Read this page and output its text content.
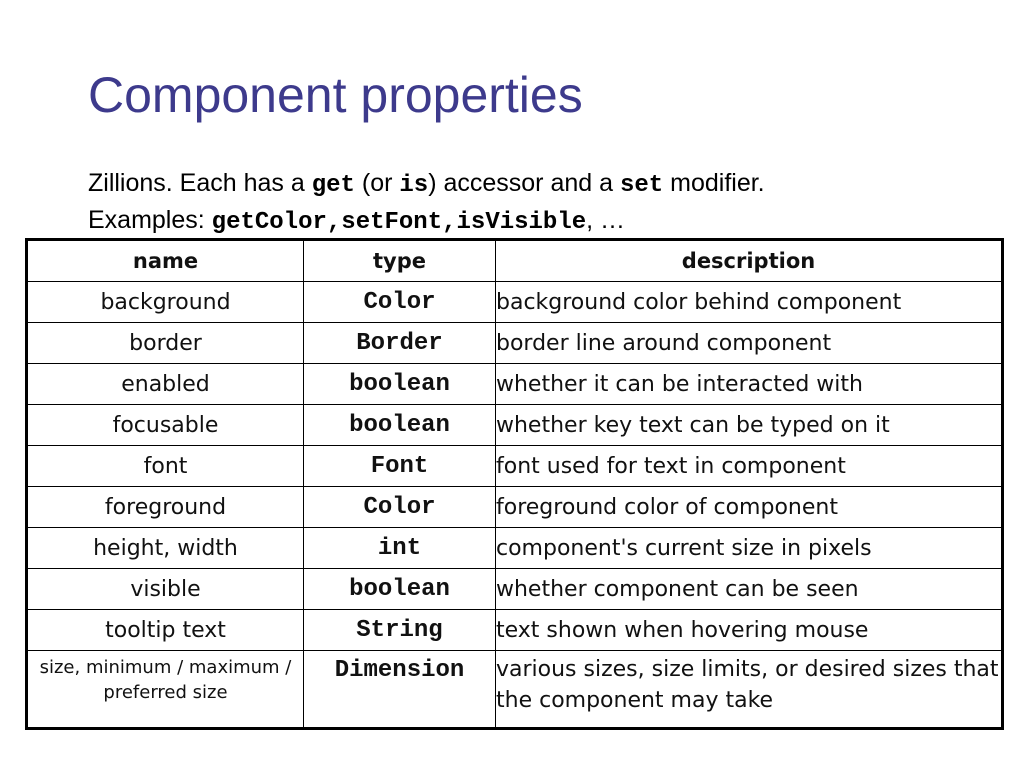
Component properties
Zillions. Each has a get (or is) accessor and a set modifier.
Examples: getColor,setFont,isVisible, …
name	type	description
background	Color	background color behind component
border	Border	border line around component
enabled	boolean	whether it can be interacted with
focusable	boolean	whether key text can be typed on it
font	Font	font used for text in component
foreground	Color	foreground color of component
height, width	int	component's current size in pixels
visible	boolean	whether component can be seen
tooltip text	String	text shown when hovering mouse
size, minimum / maximum / preferred size	Dimension	various sizes, size limits, or desired sizes that the component may take
